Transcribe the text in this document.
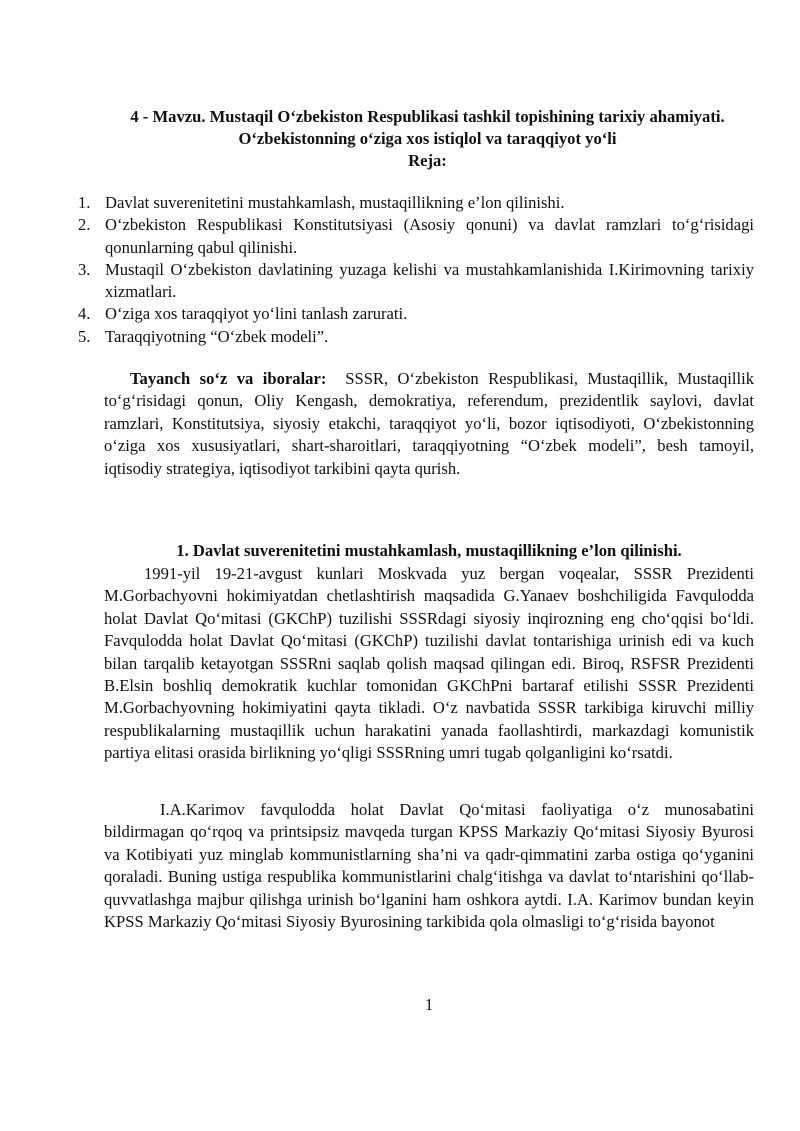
4 - Mavzu. Mustaqil O‘zbekiston Respublikasi tashkil topishining tarixiy ahamiyati. O‘zbekistonning o‘ziga xos istiqlol va taraqqiyot yo‘li
Reja:
1. Davlat suverenitetini mustahkamlash, mustaqillikning e’lon qilinishi.
2. O‘zbekiston Respublikasi Konstitutsiyasi (Asosiy qonuni) va davlat ramzlari to‘g‘risidagi qonunlarning qabul qilinishi.
3. Mustaqil O‘zbekiston davlatining yuzaga kelishi va mustahkamlanishida I.Kirimovning tarixiy xizmatlari.
4. O‘ziga xos taraqqiyot yo‘lini tanlash zarurati.
5. Taraqqiyotning “O‘zbek modeli”.
Tayanch so‘z va iboralar: SSSR, O‘zbekiston Respublikasi, Mustaqillik, Mustaqillik to‘g‘risidagi qonun, Oliy Kengash, demokratiya, referendum, prezidentlik saylovi, davlat ramzlari, Konstitutsiya, siyosiy etakchi, taraqqiyot yo‘li, bozor iqtisodiyoti, O‘zbekistonning o‘ziga xos xususiyatlari, shart-sharoitlari, taraqqiyotning “O‘zbek modeli”, besh tamoyil, iqtisodiy strategiya, iqtisodiyot tarkibini qayta qurish.
1. Davlat suverenitetini mustahkamlash, mustaqillikning e’lon qilinishi.

1991-yil 19-21-avgust kunlari Moskvada yuz bergan voqealar, SSSR Prezidenti M.Gorbachyovni hokimiyatdan chetlashtirish maqsadida G.Yanaev boshchiligida Favqulodda holat Davlat Qo‘mitasi (GKChP) tuzilishi SSSRdagi siyosiy inqirozning eng cho‘qqisi bo‘ldi. Favqulodda holat Davlat Qo‘mitasi (GKChP) tuzilishi davlat tontarishiga urinish edi va kuch bilan tarqalib ketayotgan SSSRni saqlab qolish maqsad qilingan edi. Biroq, RSFSR Prezidenti B.Elsin boshliq demokratik kuchlar tomonidan GKChPni bartaraf etilishi SSSR Prezidenti M.Gorbachyovning hokimiyatini qayta tikladi. O‘z navbatida SSSR tarkibiga kiruvchi milliy respublikalarning mustaqillik uchun harakatini yanada faollashtirdi, markazdagi komunistik partiya elitasi orasida birlikning yo‘qligi SSSRning umri tugab qolganligini ko‘rsatdi.

I.A.Karimov favqulodda holat Davlat Qo‘mitasi faoliyatiga o‘z munosabatini bildirmagan qo‘rqoq va printsipsiz mavqeda turgan KPSS Markaziy Qo‘mitasi Siyosiy Byurosi va Kotibiyati yuz minglab kommunistlarning sha’ni va qadr-qimmatini zarba ostiga qo‘yganini qoraladi. Buning ustiga respublika kommunistlarini chalg‘itishga va davlat to‘ntarishini qo‘llab-quvvatlashga majbur qilishga urinish bo‘lganini ham oshkora aytdi. I.A. Karimov bundan keyin KPSS Markaziy Qo‘mitasi Siyosiy Byurosining tarkibida qola olmasligi to‘g‘risida bayonot

1
